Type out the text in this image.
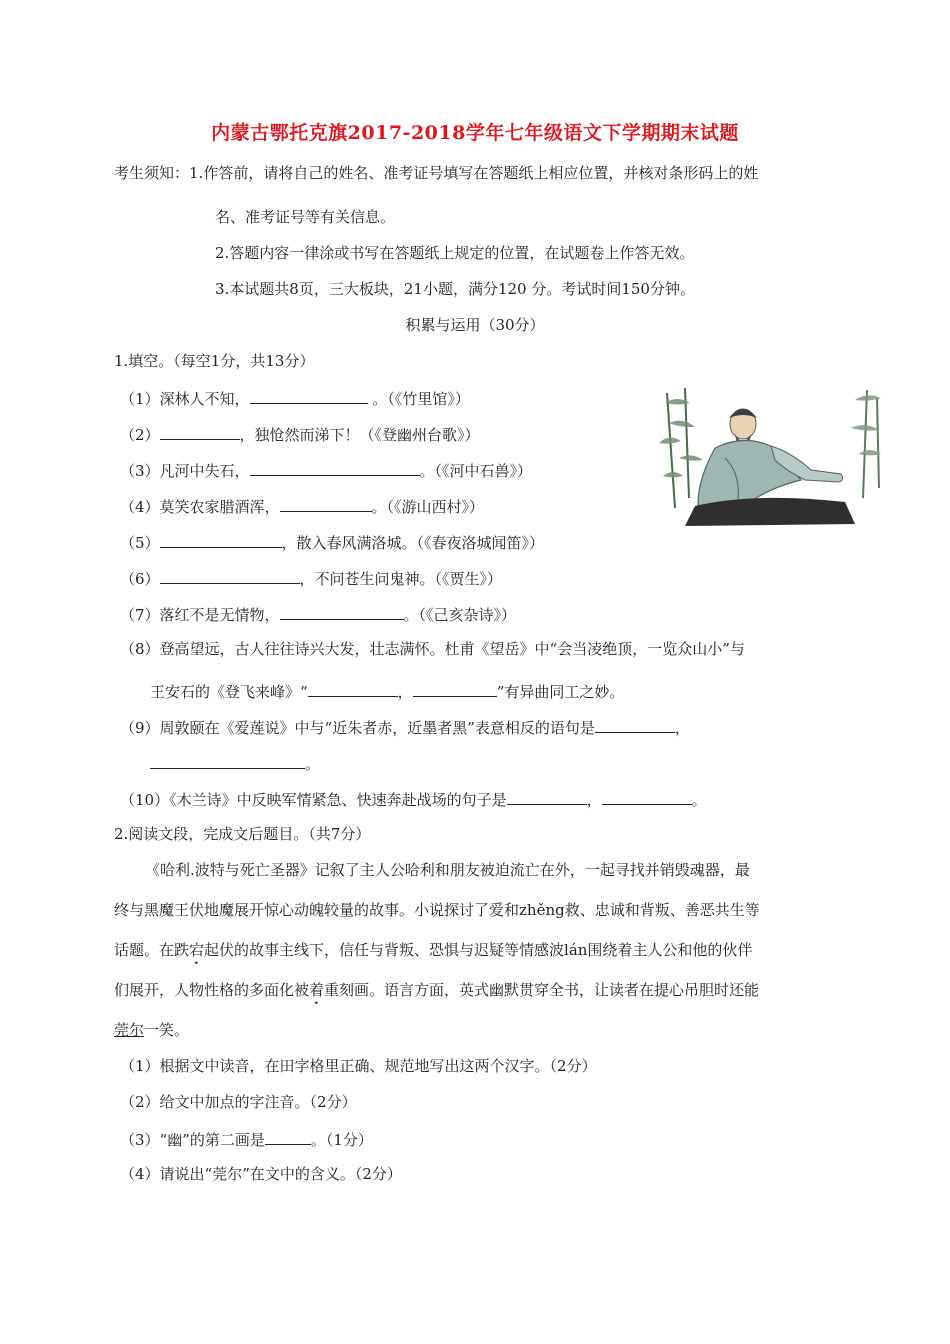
内蒙古鄂托克旗2017-2018学年七年级语文下学期期末试题
考生须知：1.作答前，请将自己的姓名、准考证号填写在答题纸上相应位置，并核对条形码上的姓
名、准考证号等有关信息。
2.答题内容一律涂或书写在答题纸上规定的位置，在试题卷上作答无效。
3.本试题共8页，三大板块，21小题，满分120 分。考试时间150分钟。
积累与运用（30分）
1.填空。（每空1分，共13分）
（1）深林人不知，	。（《竹里馆》）
（2）	，独怆然而涕下！（《登幽州台歌》）
（3）凡河中失石，	。（《河中石兽》）
（4）莫笑农家腊酒浑，	。（《游山西村》）
（5）	，散入春风满洛城。（《春夜洛城闻笛》）
（6）	，不问苍生问鬼神。（《贾生》）
（7）落红不是无情物，	。（《己亥杂诗》）
（8）登高望远，古人往往诗兴大发，壮志满怀。杜甫《望岳》中“会当凌绝顶，一览众山小”与
王安石的《登飞来峰》“	，	”有异曲同工之妙。
（9）周敦颐在《爱莲说》中与“近朱者赤，近墨者黑”表意相反的语句是	，
。
（10）《木兰诗》中反映军情紧急、快速奔赴战场的句子是	，	。
2.阅读文段，完成文后题目。（共7分）
《哈利.波特与死亡圣器》记叙了主人公哈利和朋友被迫流亡在外，一起寻找并销毁魂器，最
终与黑魔王伏地魔展开惊心动魄较量的故事。小说探讨了爱和zhěng救、忠诚和背叛、善恶共生等
话题。在跌宕起伏的故事主线下，信任与背叛、恐惧与迟疑等情感波lán围绕着主人公和他的伙伴
们展开，人物性格的多面化被着重刻画。语言方面，英式幽默贯穿全书，让读者在提心吊胆时还能
莞尔一笑。
（1）根据文中读音，在田字格里正确、规范地写出这两个汉字。（2分）
（2）给文中加点的字注音。（2分）
（3）“幽”的第二画是	。（1分）
（4）请说出“莞尔”在文中的含义。（2分）
